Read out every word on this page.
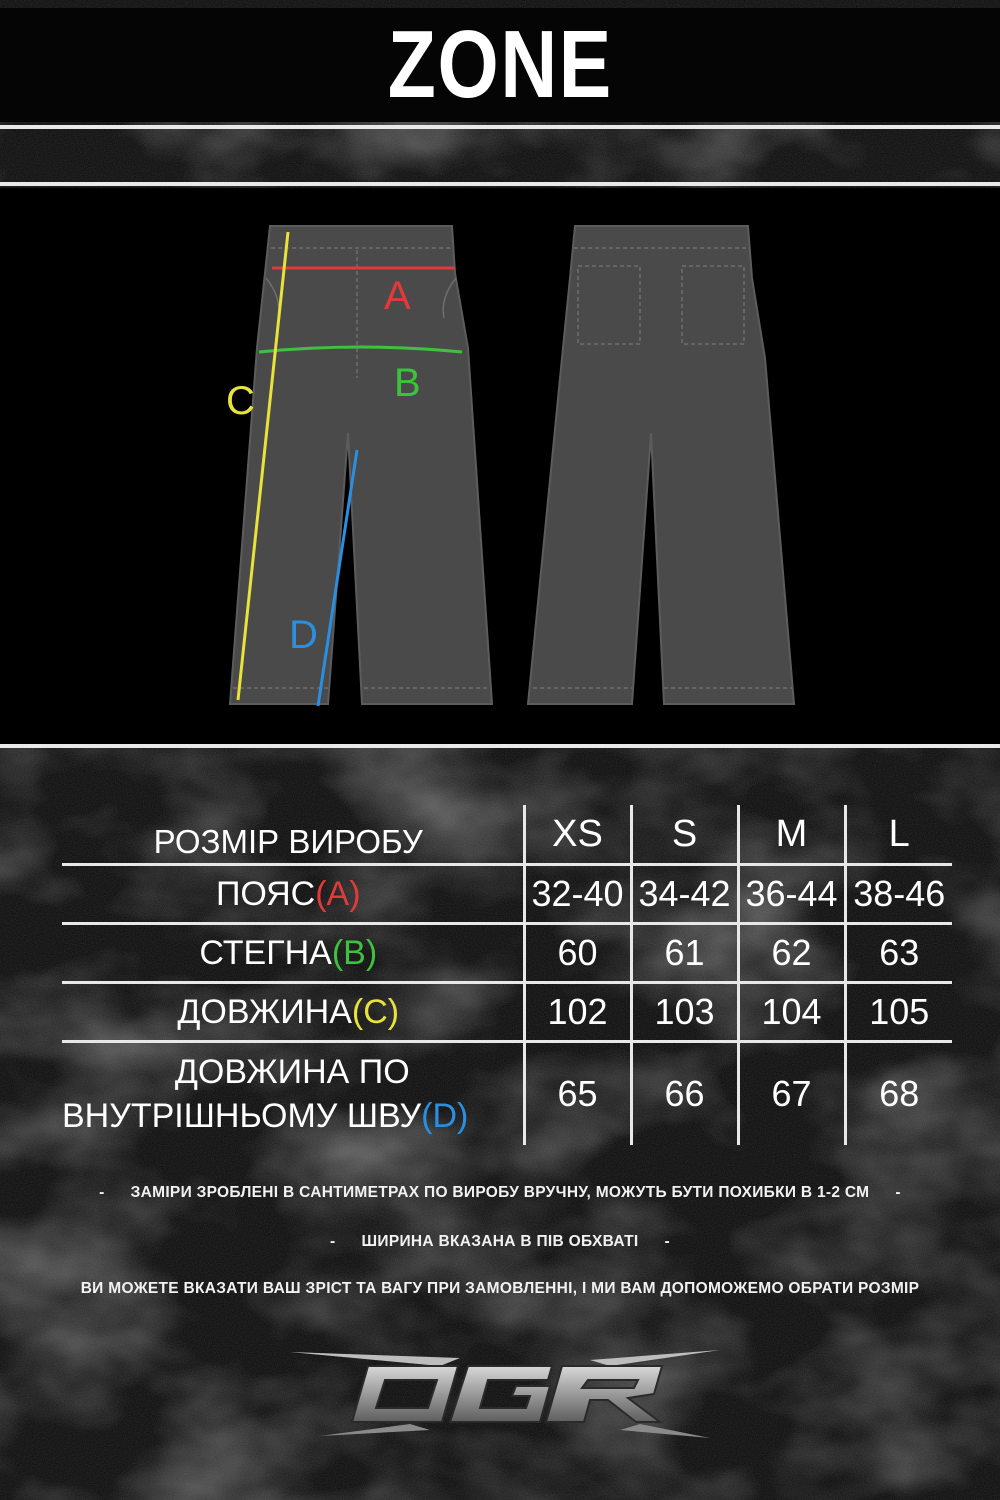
ZONE
A
B
C
D
РОЗМІР ВИРОБУ	XS	S	M	L
ПОЯС(A)	32-40	34-42	36-44	38-46
СТЕГНА(B)	60	61	62	63
ДОВЖИНА(C)	102	103	104	105

ДОВЖИНА ПО
ВНУТРІШНЬОМУ ШВУ(D)	65	66	67	68
- ЗАМІРИ ЗРОБЛЕНІ В САНТИМЕТРАХ ПО ВИРОБУ ВРУЧНУ, МОЖУТЬ БУТИ ПОХИБКИ В 1-2 СМ -
- ШИРИНА ВКАЗАНА В ПІВ ОБХВАТІ -
ВИ МОЖЕТЕ ВКАЗАТИ ВАШ ЗРІСТ ТА ВАГУ ПРИ ЗАМОВЛЕННІ, І МИ ВАМ ДОПОМОЖЕМО ОБРАТИ РОЗМІР
